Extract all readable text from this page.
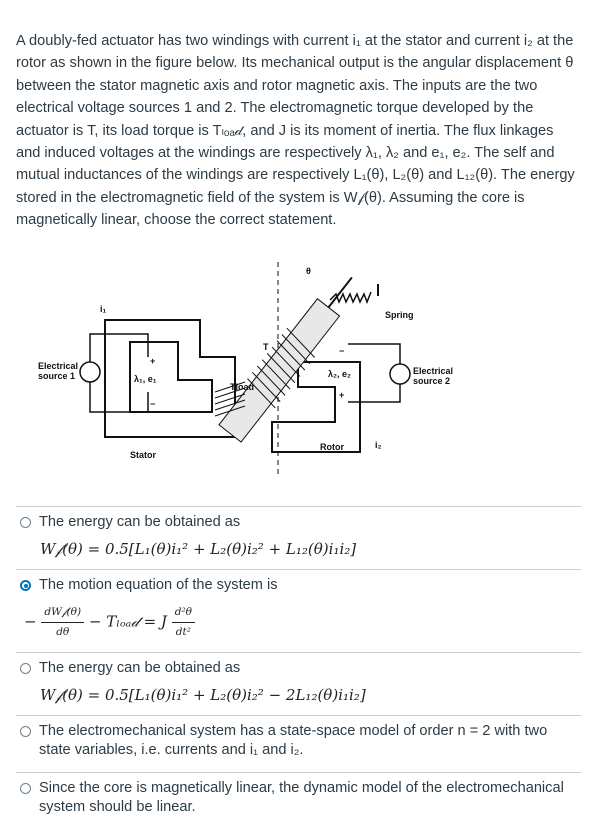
A doubly-fed actuator has two windings with current i₁ at the stator and current i₂ at the rotor as shown in the figure below. Its mechanical output is the angular displacement θ between the stator magnetic axis and rotor magnetic axis. The inputs are the two electrical voltage sources 1 and 2. The electromagnetic torque developed by the actuator is T, its load torque is Tₗₒₐ𝒹, and J is its moment of inertia. The flux linkages and induced voltages at the windings are respectively λ₁, λ₂ and e₁, e₂. The self and mutual inductances of the windings are respectively L₁(θ), L₂(θ) and L₁₂(θ). The energy stored in the electromagnetic field of the system is W𝒻(θ). Assuming the core is magnetically linear, choose the correct statement.
Electrical
source 1	Electrical
source 2
Stator
Rotor
Spring
θ
T
Tload
i₁
i₂
λ₁, e₁	λ₂, e₂
+
−
+
−
The energy can be obtained as
W𝒻(θ) = 0.5[L₁(θ)i₁² + L₂(θ)i₂² + L₁₂(θ)i₁i₂]
The motion equation of the system is
− $\frac{\text{dW𝒻(θ)}}{d\theta}$ − Tₗₒₐ𝒹 = J $\frac{\text{d²θ}}{\text{dt²}}$
The energy can be obtained as
W𝒻(θ) = 0.5[L₁(θ)i₁² + L₂(θ)i₂² − 2L₁₂(θ)i₁i₂]
The electromechanical system has a state-space model of order n = 2 with two state variables, i.e. currents and i₁ and i₂.
Since the core is magnetically linear, the dynamic model of the electromechanical system should be linear.
